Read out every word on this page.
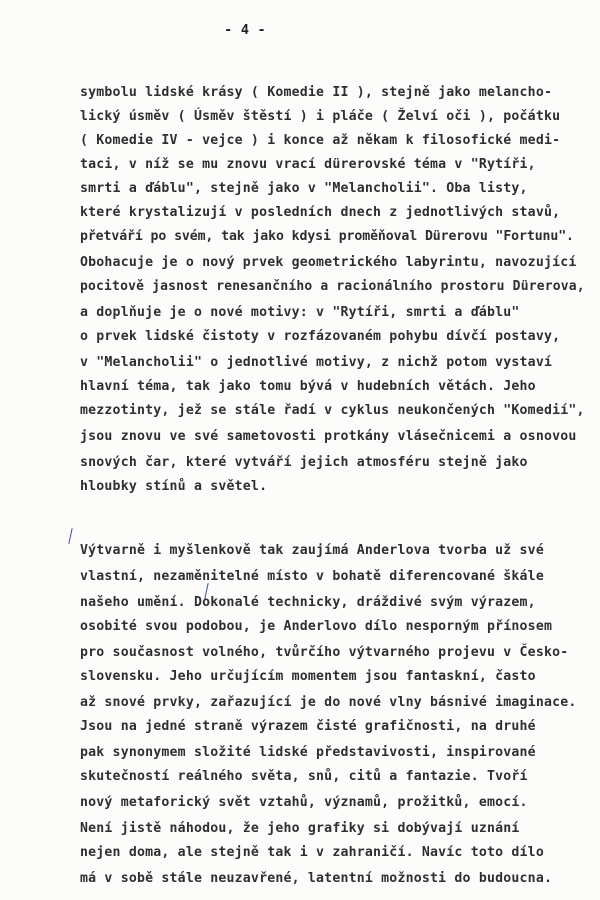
- 4 -
symbolu lidské krásy ( Komedie II ), stejně jako melancho-
lický úsměv ( Úsměv štěstí ) i pláče ( Želví oči ), počátku
( Komedie IV - vejce ) i konce až někam k filosofické medi-
taci, v níž se mu znovu vrací dürerovské téma v "Rytíři,
smrti a ďáblu", stejně jako v "Melancholii". Oba listy,
které krystalizují v posledních dnech z jednotlivých stavů,
přetváří po svém, tak jako kdysi proměňoval Dürerovu "Fortunu".
Obohacuje je o nový prvek geometrického labyrintu, navozující
pocitově jasnost renesančního a racionálního prostoru Dürerova,
a doplňuje je o nové motivy: v "Rytíři, smrti a ďáblu"
o prvek lidské čistoty v rozfázovaném pohybu dívčí postavy,
v "Melancholii" o jednotlivé motivy, z nichž potom vystaví
hlavní téma, tak jako tomu bývá v hudebních větách. Jeho
mezzotinty, jež se stále řadí v cyklus neukončených "Komedií",
jsou znovu ve své sametovosti protkány vlásečnicemi a osnovou
snových čar, které vytváří jejich atmosféru stejně jako
hloubky stínů a světel.
Výtvarně i myšlenkově tak zaujímá Anderlova tvorba už své
vlastní, nezaměnitelné místo v bohatě diferencované škále
našeho umění. Dokonalé technicky, dráždivé svým výrazem,
osobité svou podobou, je Anderlovo dílo nesporným přínosem
pro současnost volného, tvůrčího výtvarného projevu v Česko-
slovensku. Jeho určujícím momentem jsou fantaskní, často
až snové prvky, zařazující je do nové vlny básnivé imaginace.
Jsou na jedné straně výrazem čisté grafičnosti, na druhé
pak synonymem složité lidské představivosti, inspirované
skutečností reálného světa, snů, citů a fantazie. Tvoří
nový metaforický svět vztahů, významů, prožitků, emocí.
Není jistě náhodou, že jeho grafiky si dobývají uznání
nejen doma, ale stejně tak i v zahraničí. Navíc toto dílo
má v sobě stále neuzavřené, latentní možnosti do budoucna.
